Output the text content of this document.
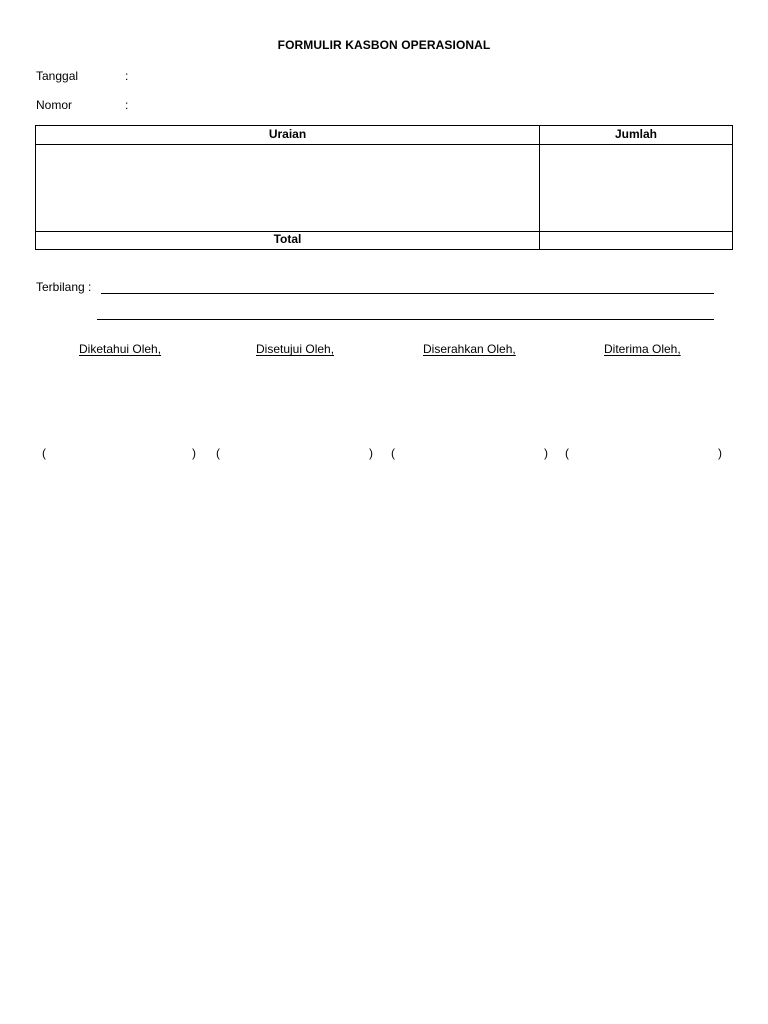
FORMULIR KASBON OPERASIONAL
Tanggal	:
Nomor	:
Uraian	Jumlah
Total
Terbilang :
Diketahui Oleh,	Disetujui Oleh,	Diserahkan Oleh,	Diterima Oleh,
(	) (	) (	) (	)
